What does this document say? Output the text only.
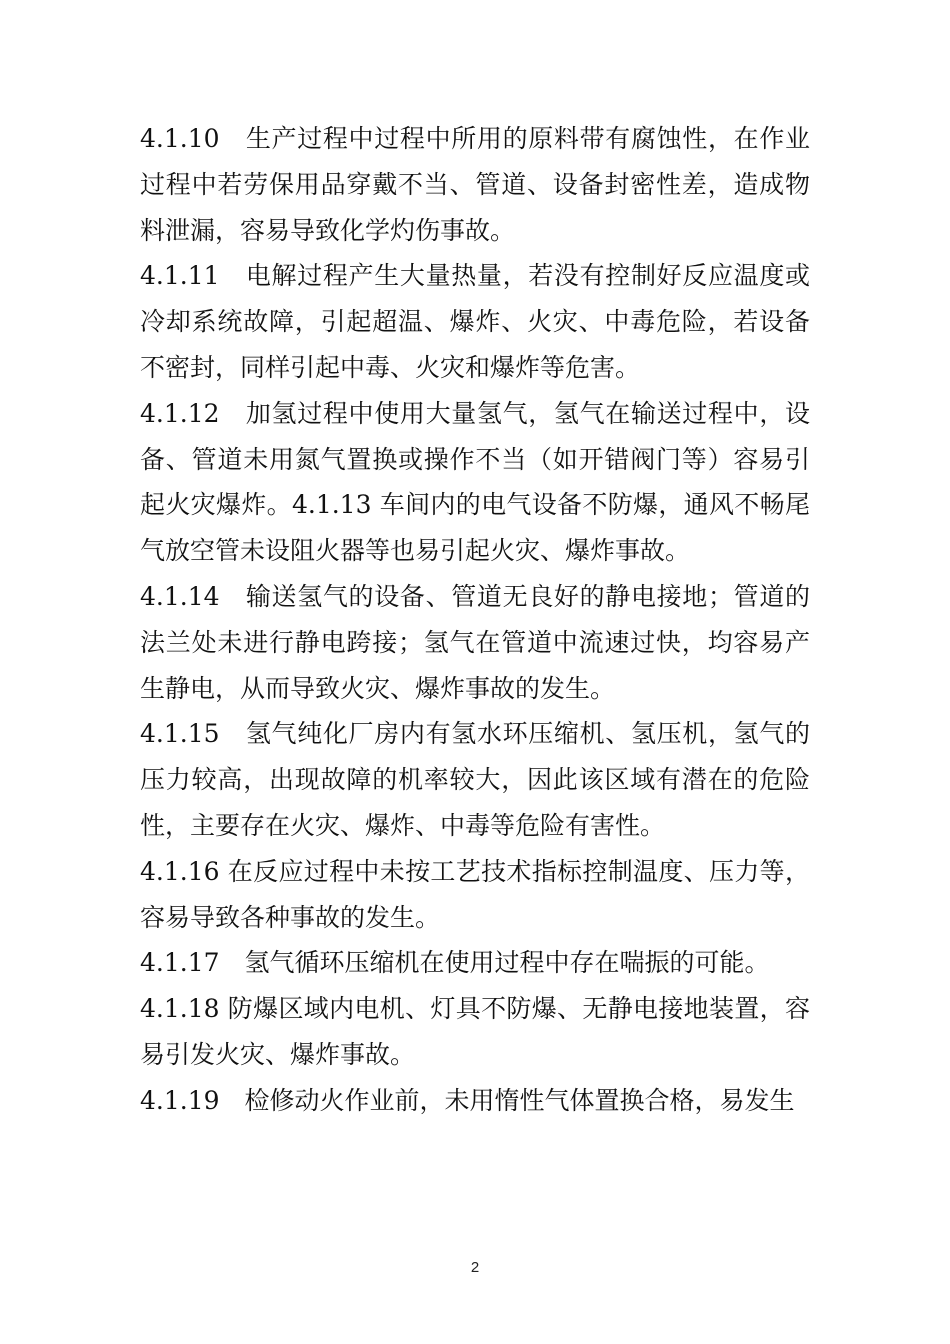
4.1.10　生产过程中过程中所用的原料带有腐蚀性，在作业过程中若劳保用品穿戴不当、管道、设备封密性差，造成物料泄漏，容易导致化学灼伤事故。

4.1.11　电解过程产生大量热量，若没有控制好反应温度或冷却系统故障，引起超温、爆炸、火灾、中毒危险，若设备不密封，同样引起中毒、火灾和爆炸等危害。

4.1.12　加氢过程中使用大量氢气，氢气在输送过程中，设备、管道未用氮气置换或操作不当（如开错阀门等）容易引起火灾爆炸。4.1.13 车间内的电气设备不防爆，通风不畅尾气放空管未设阻火器等也易引起火灾、爆炸事故。

4.1.14　输送氢气的设备、管道无良好的静电接地；管道的法兰处未进行静电跨接；氢气在管道中流速过快，均容易产生静电，从而导致火灾、爆炸事故的发生。

4.1.15　氢气纯化厂房内有氢水环压缩机、氢压机，氢气的压力较高，出现故障的机率较大，因此该区域有潜在的危险性，主要存在火灾、爆炸、中毒等危险有害性。

4.1.16 在反应过程中未按工艺技术指标控制温度、压力等，容易导致各种事故的发生。

4.1.17　氢气循环压缩机在使用过程中存在喘振的可能。

4.1.18 防爆区域内电机、灯具不防爆、无静电接地装置，容易引发火灾、爆炸事故。

4.1.19　检修动火作业前，未用惰性气体置换合格，易发生

2
